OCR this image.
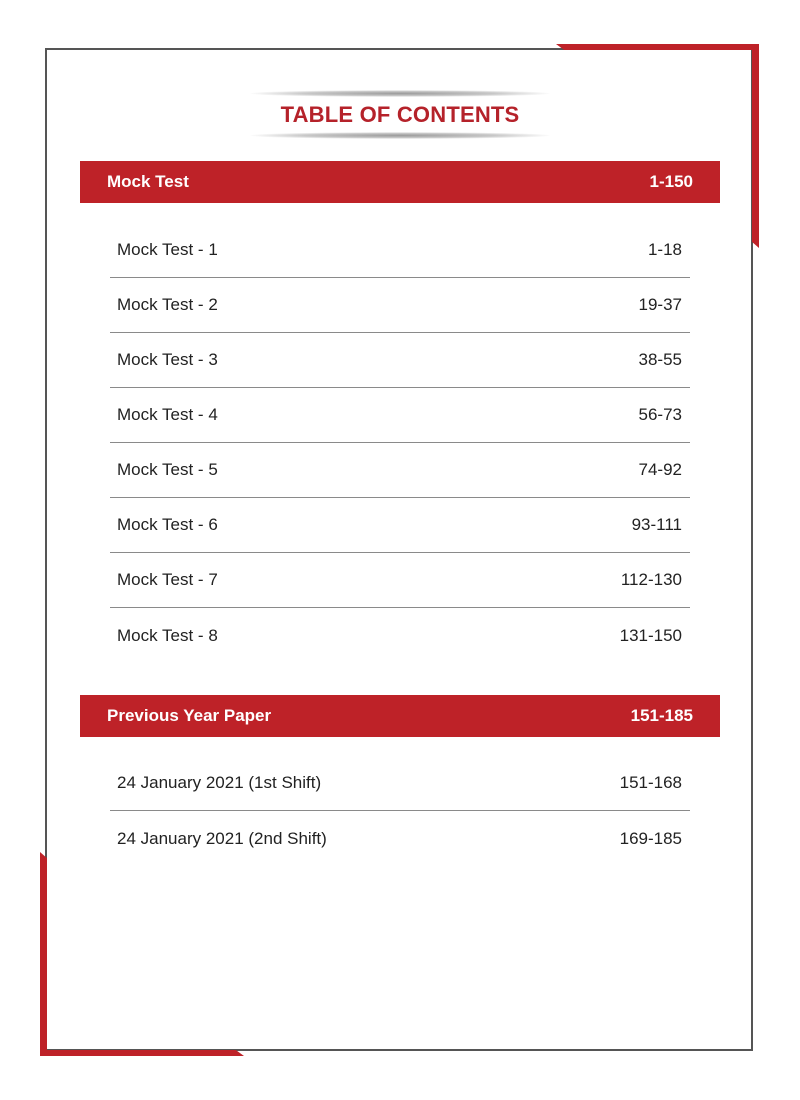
TABLE OF CONTENTS
Mock Test	1-150
Mock Test - 1	1-18
Mock Test - 2	19-37
Mock Test - 3	38-55
Mock Test - 4	56-73
Mock Test - 5	74-92
Mock Test - 6	93-111
Mock Test - 7	112-130
Mock Test - 8	131-150
Previous Year Paper	151-185
24 January 2021 (1st Shift)	151-168
24 January 2021 (2nd Shift)	169-185
